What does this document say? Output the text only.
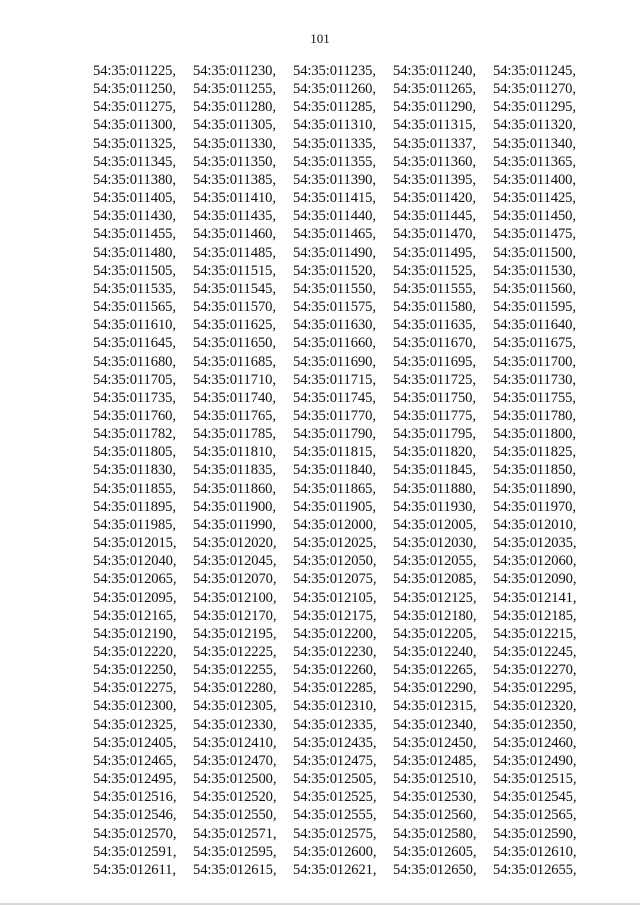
101
54:35:011225,	54:35:011230,	54:35:011235,	54:35:011240,	54:35:011245,
54:35:011250,	54:35:011255,	54:35:011260,	54:35:011265,	54:35:011270,
54:35:011275,	54:35:011280,	54:35:011285,	54:35:011290,	54:35:011295,
54:35:011300,	54:35:011305,	54:35:011310,	54:35:011315,	54:35:011320,
54:35:011325,	54:35:011330,	54:35:011335,	54:35:011337,	54:35:011340,
54:35:011345,	54:35:011350,	54:35:011355,	54:35:011360,	54:35:011365,
54:35:011380,	54:35:011385,	54:35:011390,	54:35:011395,	54:35:011400,
54:35:011405,	54:35:011410,	54:35:011415,	54:35:011420,	54:35:011425,
54:35:011430,	54:35:011435,	54:35:011440,	54:35:011445,	54:35:011450,
54:35:011455,	54:35:011460,	54:35:011465,	54:35:011470,	54:35:011475,
54:35:011480,	54:35:011485,	54:35:011490,	54:35:011495,	54:35:011500,
54:35:011505,	54:35:011515,	54:35:011520,	54:35:011525,	54:35:011530,
54:35:011535,	54:35:011545,	54:35:011550,	54:35:011555,	54:35:011560,
54:35:011565,	54:35:011570,	54:35:011575,	54:35:011580,	54:35:011595,
54:35:011610,	54:35:011625,	54:35:011630,	54:35:011635,	54:35:011640,
54:35:011645,	54:35:011650,	54:35:011660,	54:35:011670,	54:35:011675,
54:35:011680,	54:35:011685,	54:35:011690,	54:35:011695,	54:35:011700,
54:35:011705,	54:35:011710,	54:35:011715,	54:35:011725,	54:35:011730,
54:35:011735,	54:35:011740,	54:35:011745,	54:35:011750,	54:35:011755,
54:35:011760,	54:35:011765,	54:35:011770,	54:35:011775,	54:35:011780,
54:35:011782,	54:35:011785,	54:35:011790,	54:35:011795,	54:35:011800,
54:35:011805,	54:35:011810,	54:35:011815,	54:35:011820,	54:35:011825,
54:35:011830,	54:35:011835,	54:35:011840,	54:35:011845,	54:35:011850,
54:35:011855,	54:35:011860,	54:35:011865,	54:35:011880,	54:35:011890,
54:35:011895,	54:35:011900,	54:35:011905,	54:35:011930,	54:35:011970,
54:35:011985,	54:35:011990,	54:35:012000,	54:35:012005,	54:35:012010,
54:35:012015,	54:35:012020,	54:35:012025,	54:35:012030,	54:35:012035,
54:35:012040,	54:35:012045,	54:35:012050,	54:35:012055,	54:35:012060,
54:35:012065,	54:35:012070,	54:35:012075,	54:35:012085,	54:35:012090,
54:35:012095,	54:35:012100,	54:35:012105,	54:35:012125,	54:35:012141,
54:35:012165,	54:35:012170,	54:35:012175,	54:35:012180,	54:35:012185,
54:35:012190,	54:35:012195,	54:35:012200,	54:35:012205,	54:35:012215,
54:35:012220,	54:35:012225,	54:35:012230,	54:35:012240,	54:35:012245,
54:35:012250,	54:35:012255,	54:35:012260,	54:35:012265,	54:35:012270,
54:35:012275,	54:35:012280,	54:35:012285,	54:35:012290,	54:35:012295,
54:35:012300,	54:35:012305,	54:35:012310,	54:35:012315,	54:35:012320,
54:35:012325,	54:35:012330,	54:35:012335,	54:35:012340,	54:35:012350,
54:35:012405,	54:35:012410,	54:35:012435,	54:35:012450,	54:35:012460,
54:35:012465,	54:35:012470,	54:35:012475,	54:35:012485,	54:35:012490,
54:35:012495,	54:35:012500,	54:35:012505,	54:35:012510,	54:35:012515,
54:35:012516,	54:35:012520,	54:35:012525,	54:35:012530,	54:35:012545,
54:35:012546,	54:35:012550,	54:35:012555,	54:35:012560,	54:35:012565,
54:35:012570,	54:35:012571,	54:35:012575,	54:35:012580,	54:35:012590,
54:35:012591,	54:35:012595,	54:35:012600,	54:35:012605,	54:35:012610,
54:35:012611,	54:35:012615,	54:35:012621,	54:35:012650,	54:35:012655,
